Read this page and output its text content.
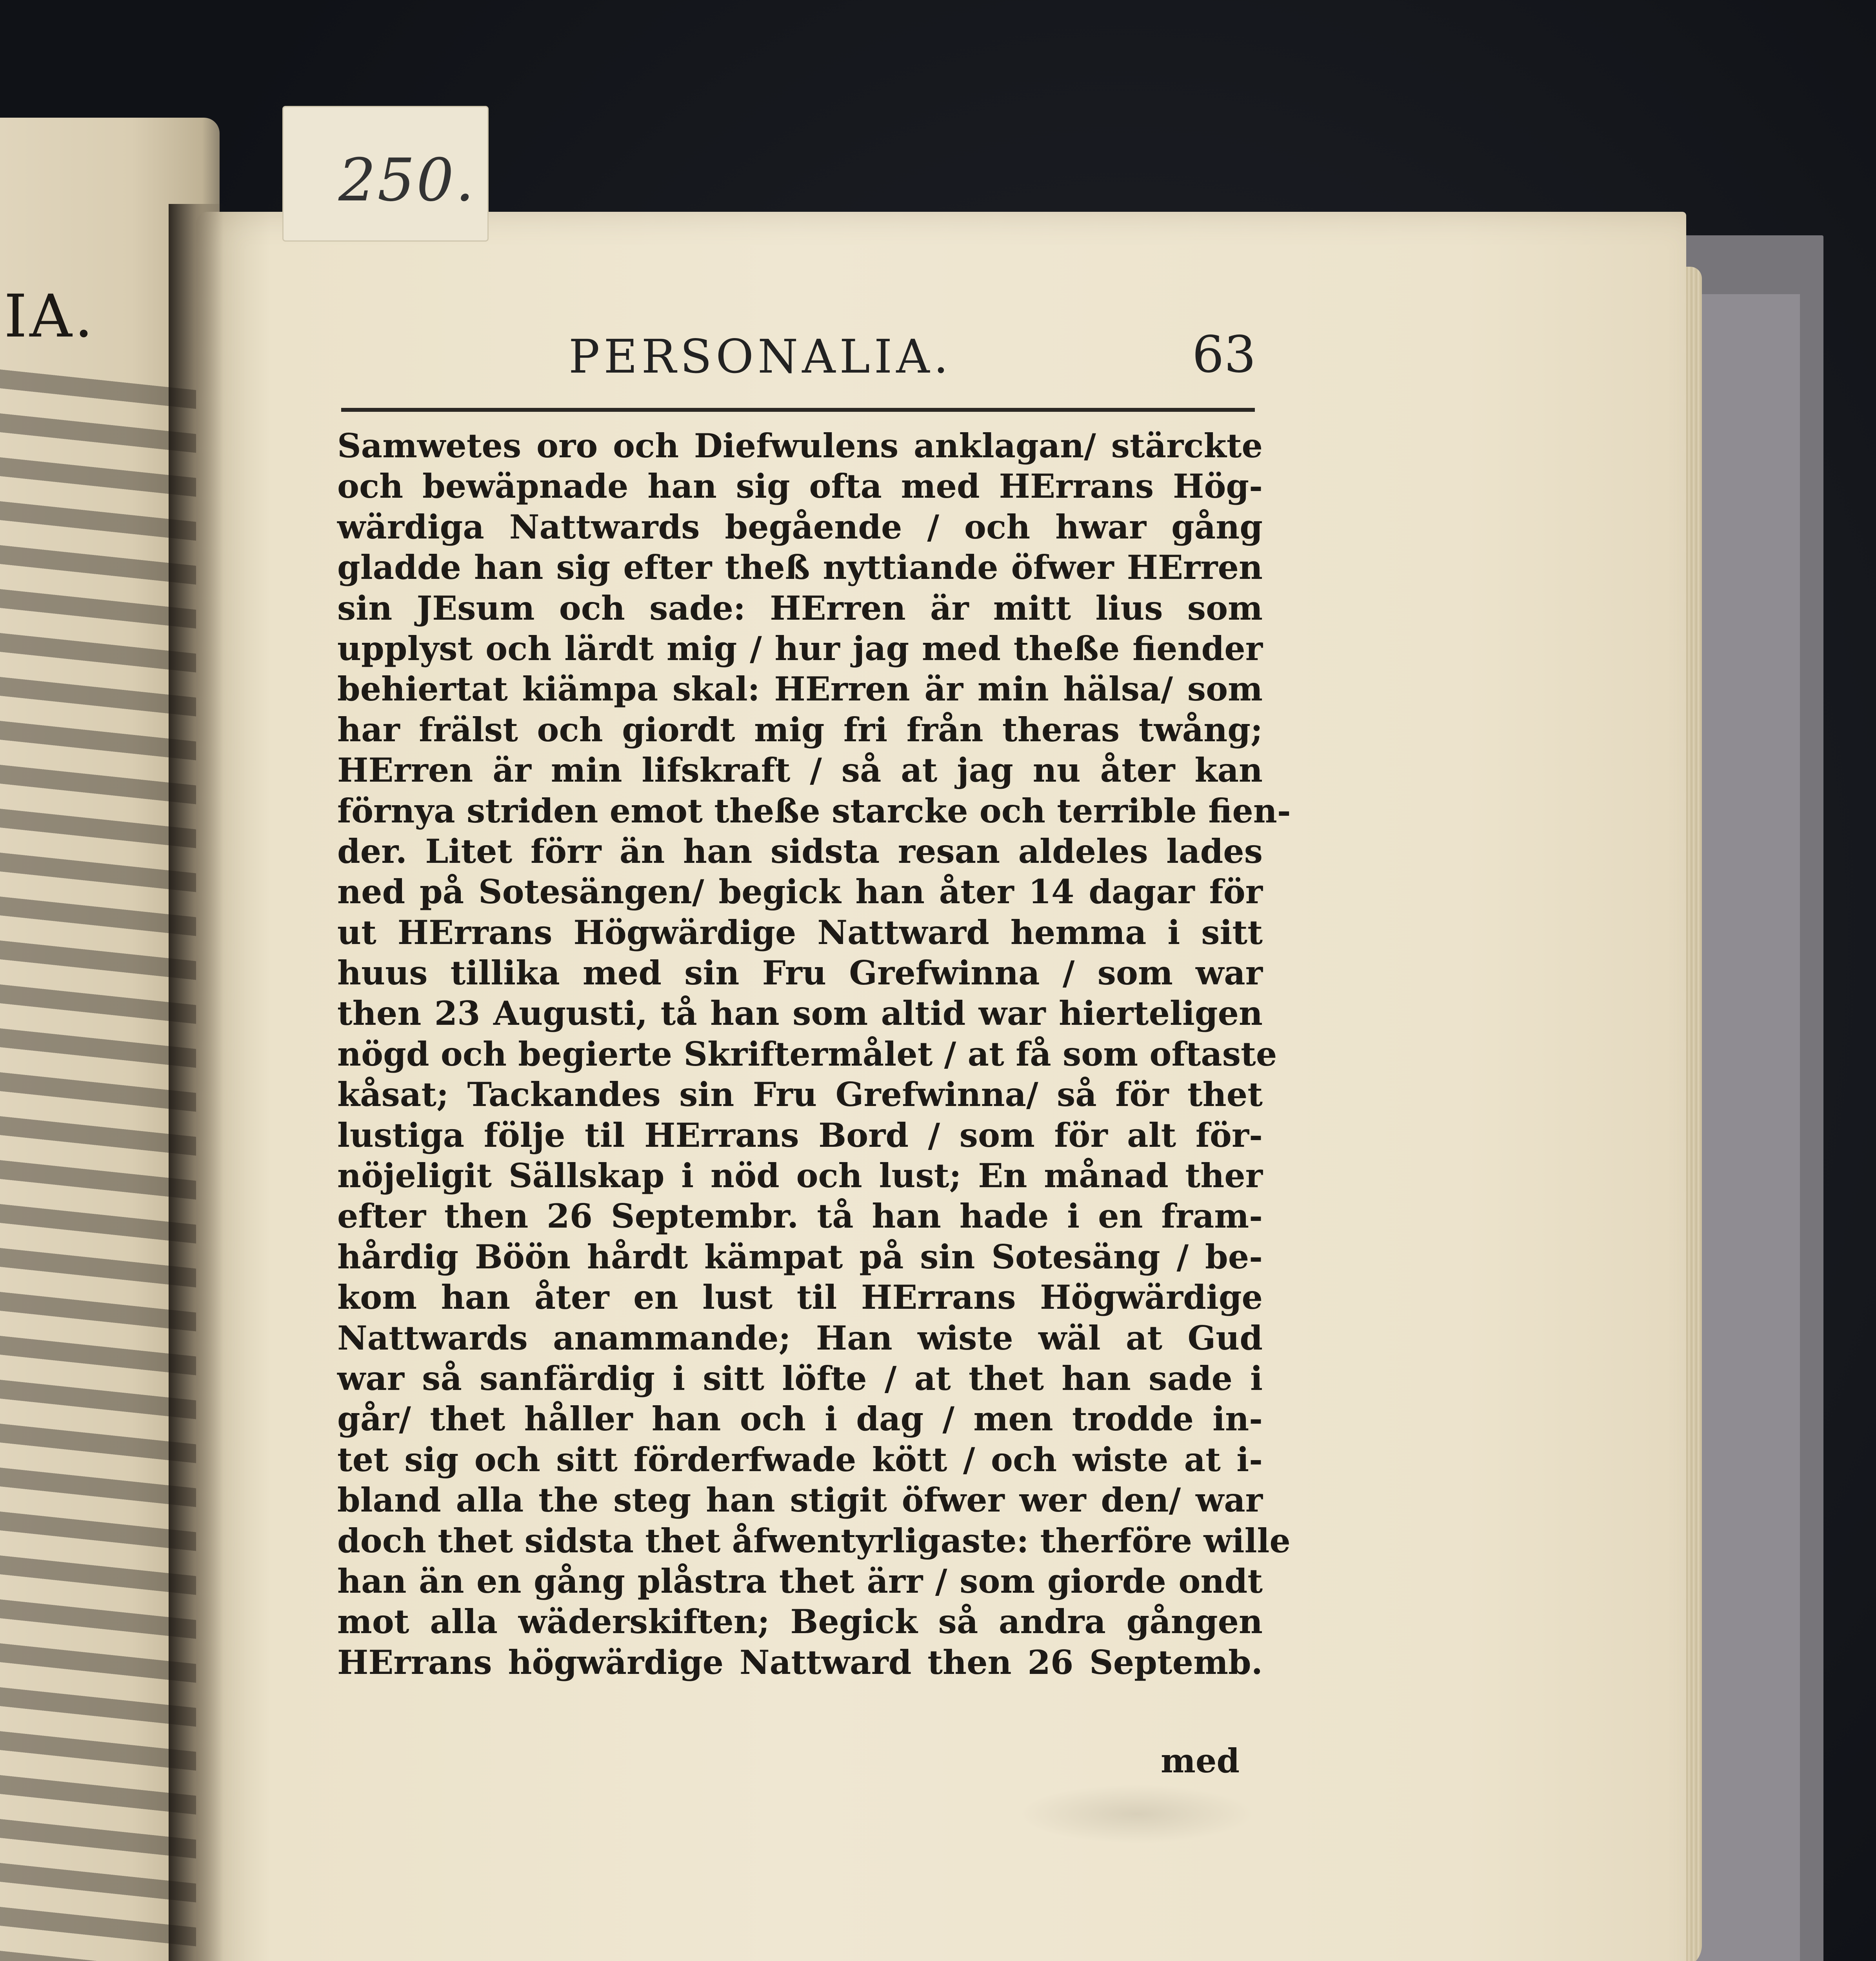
IA.
250.
PERSONALIA.	63
Samwetes oro och Diefwulens anklagan/ stärckte
och bewäpnade han sig ofta med HErrans Hög-
wärdiga Nattwards begående / och hwar gång
gladde han sig efter theß nyttiande öfwer HErren
sin JEsum och sade: HErren är mitt lius som
upplyst och lärdt mig / hur jag med theße fiender
behiertat kiämpa skal: HErren är min hälsa/ som
har frälst och giordt mig fri från theras twång;
HErren är min lifskraft / så at jag nu åter kan
förnya striden emot theße starcke och terrible fien-
der. Litet förr än han sidsta resan aldeles lades
ned på Sotesängen/ begick han åter 14 dagar för
ut HErrans Högwärdige Nattward hemma i sitt
huus tillika med sin Fru Grefwinna / som war
then 23 Augusti, tå han som altid war hierteligen
nögd och begierte Skriftermålet / at få som oftaste
kåsat; Tackandes sin Fru Grefwinna/ så för thet
lustiga följe til HErrans Bord / som för alt för-
nöjeligit Sällskap i nöd och lust; En månad ther
efter then 26 Septembr. tå han hade i en fram-
hårdig Böön hårdt kämpat på sin Sotesäng / be-
kom han åter en lust til HErrans Högwärdige
Nattwards anammande; Han wiste wäl at Gud
war så sanfärdig i sitt löfte / at thet han sade i
går/ thet håller han och i dag / men trodde in-
tet sig och sitt förderfwade kött / och wiste at i-
bland alla the steg han stigit öfwer wer den/ war
doch thet sidsta thet åfwentyrligaste: therföre wille
han än en gång plåstra thet ärr / som giorde ondt
mot alla wäderskiften; Begick så andra gången
HErrans högwärdige Nattward then 26 Septemb.
med
